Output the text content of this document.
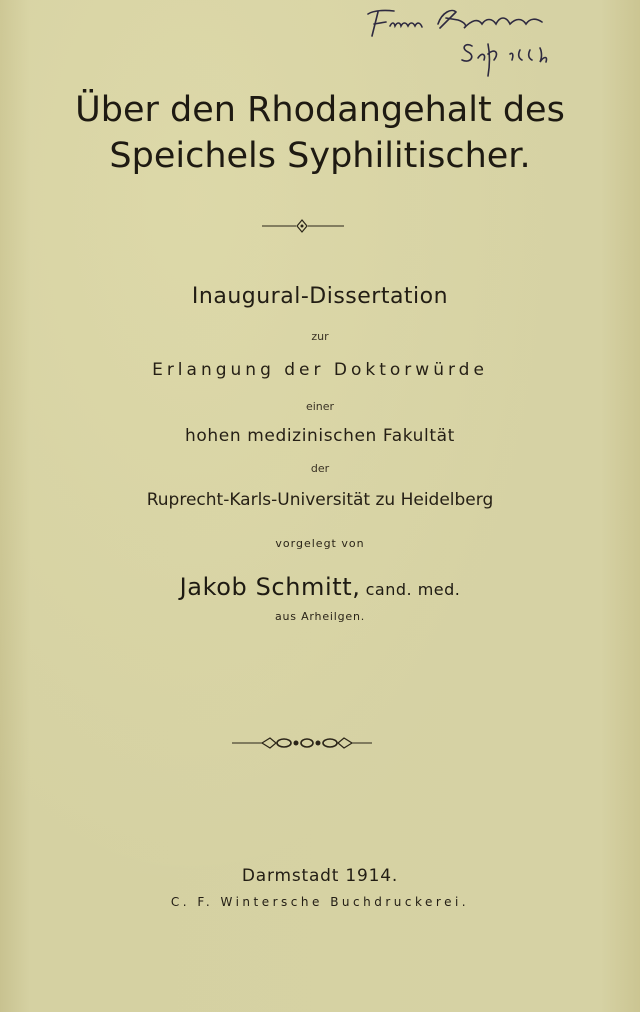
Über den Rhodangehalt des
Speichels Syphilitischer.
Inaugural-Dissertation
zur
Erlangung der Doktorwürde
einer
hohen medizinischen Fakultät
der
Ruprecht-Karls-Universität zu Heidelberg
vorgelegt von
Jakob Schmitt, cand. med.
aus Arheilgen.
Darmstadt 1914.
C. F. Wintersche Buchdruckerei.
